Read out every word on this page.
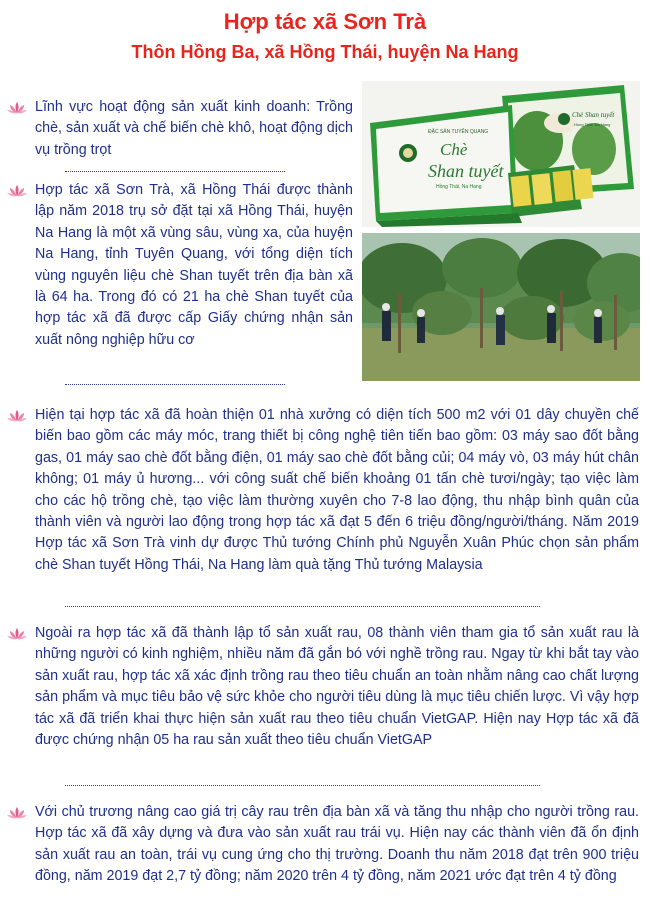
Hợp tác xã Sơn Trà
Thôn Hồng Ba, xã Hồng Thái, huyện Na Hang

Lĩnh vực hoạt động sản xuất kinh doanh: Trồng chè, sản xuất và chế biến chè khô, hoạt động dịch vụ trồng trọt

Hợp tác xã Sơn Trà, xã Hồng Thái được thành lập năm 2018 trụ sở đặt tại xã Hồng Thái, huyện Na Hang là một xã vùng sâu, vùng xa, của huyện Na Hang, tỉnh Tuyên Quang, với tổng diện tích vùng nguyên liệu chè Shan tuyết trên địa bàn xã là 64 ha. Trong đó có 21 ha chè Shan tuyết của hợp tác xã đã được cấp Giấy chứng nhận sản xuất nông nghiệp hữu cơ

Chè Shan tuyết
Hồng Thái, Na Hang
ĐẶC SẢN TUYÊN QUANG
Chè
Shan tuyết
Hồng Thái, Na Hang

Hiện tại hợp tác xã đã hoàn thiện 01 nhà xưởng có diện tích 500 m2 với 01 dây chuyền chế biến bao gồm các máy móc, trang thiết bị công nghệ tiên tiến bao gồm: 03 máy sao đốt bằng gas, 01 máy sao chè đốt bằng điện, 01 máy sao chè đốt bằng củi; 04 máy vò, 03 máy hút chân không; 01 máy ủ hương... với công suất chế biến khoảng 01 tấn chè tươi/ngày; tạo việc làm cho các hộ trồng chè, tạo việc làm thường xuyên cho 7-8 lao động, thu nhập bình quân của thành viên và người lao động trong hợp tác xã đạt 5 đến 6 triệu đồng/người/tháng. Năm 2019 Hợp tác xã Sơn Trà vinh dự được Thủ tướng Chính phủ Nguyễn Xuân Phúc chọn sản phẩm chè Shan tuyết Hồng Thái, Na Hang làm quà tặng Thủ tướng Malaysia

Ngoài ra hợp tác xã đã thành lập tổ sản xuất rau, 08 thành viên tham gia tổ sản xuất rau là những người có kinh nghiệm, nhiều năm đã gắn bó với nghề trồng rau. Ngay từ khi bắt tay vào sản xuất rau, hợp tác xã xác định trồng rau theo tiêu chuẩn an toàn nhằm nâng cao chất lượng sản phẩm và mục tiêu bảo vệ sức khỏe cho người tiêu dùng là mục tiêu chiến lược. Vì vậy hợp tác xã đã triển khai thực hiện sản xuất rau theo tiêu chuẩn VietGAP. Hiện nay Hợp tác xã đã được chứng nhận 05 ha rau sản xuất theo tiêu chuẩn VietGAP

Với chủ trương nâng cao giá trị cây rau trên địa bàn xã và tăng thu nhập cho người trồng rau. Hợp tác xã đã xây dựng và đưa vào sản xuất rau trái vụ. Hiện nay các thành viên đã ổn định sản xuất rau an toàn, trái vụ cung ứng cho thị trường. Doanh thu năm 2018 đạt trên 900 triệu đồng, năm 2019 đạt 2,7 tỷ đồng; năm 2020 trên 4 tỷ đồng, năm 2021 ước đạt trên 4 tỷ đồng
